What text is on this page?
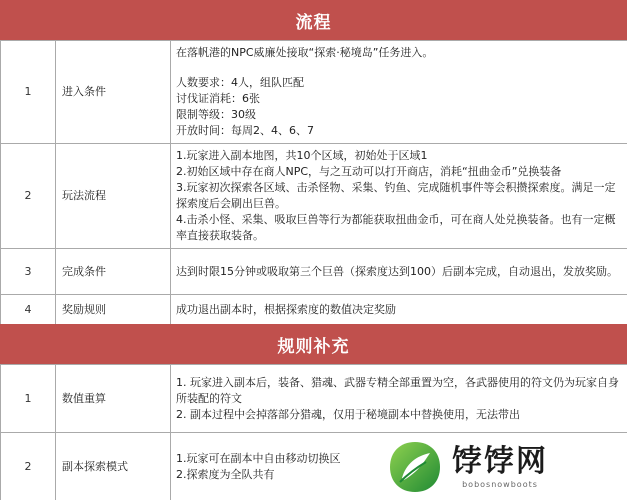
流程
1	进入条件	在落帆港的NPC威廉处接取“探索·秘境岛”任务进入。
人数要求：4人，组队匹配
讨伐证消耗：6张
限制等级：30级
开放时间：每周2、4、6、7

2	玩法流程	1.玩家进入副本地图，共10个区域，初始处于区域1
2.初始区域中存在商人NPC，与之互动可以打开商店，消耗“扭曲金币”兑换装备
3.玩家初次探索各区域、击杀怪物、采集、钓鱼、完成随机事件等会积攒探索度。满足一定探索度后会刷出巨兽。
4.击杀小怪、采集、吸取巨兽等行为都能获取扭曲金币，可在商人处兑换装备。也有一定概率直接获取装备。

3	完成条件	达到时限15分钟或吸取第三个巨兽（探索度达到100）后副本完成，自动退出，发放奖励。

4	奖励规则	成功退出副本时，根据探索度的数值决定奖励
规则补充
1	数值重算	1. 玩家进入副本后，装备、猎魂、武器专精全部重置为空，各武器使用的符文仍为玩家自身所装配的符文
2. 副本过程中会掉落部分猎魂，仅用于秘境副本中替换使用，无法带出

2	副本探索模式	1.玩家可在副本中自由移动切换区
2.探索度为全队共有	饽饽网
bobosnowboots
